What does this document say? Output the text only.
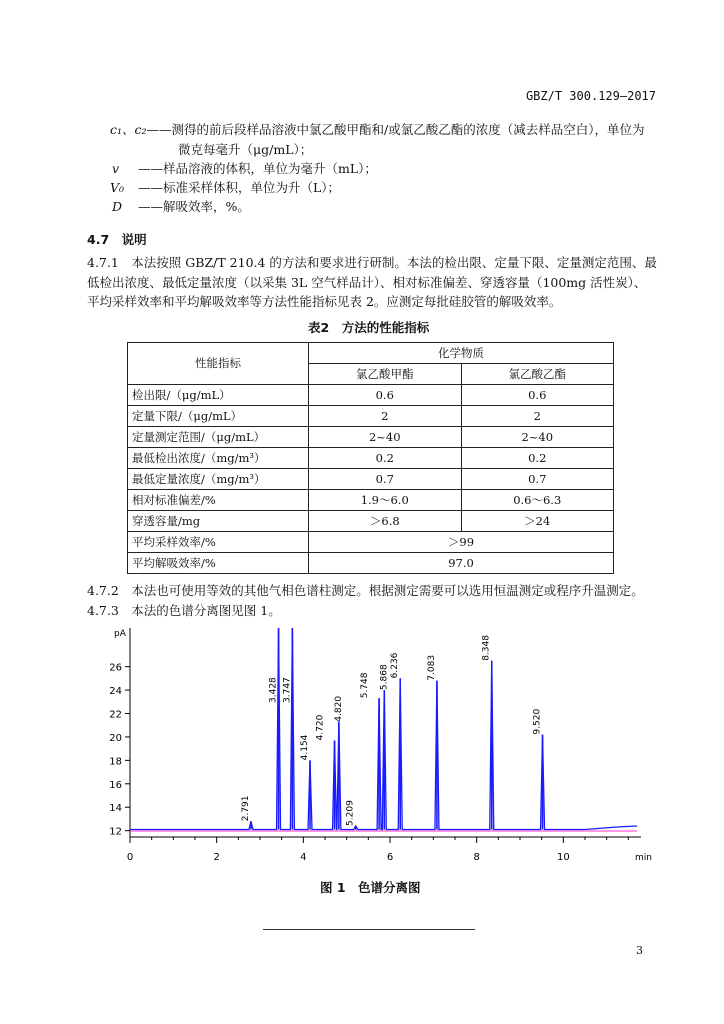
GBZ/T 300.129—2017
c₁、c₂——测得的前后段样品溶液中氯乙酸甲酯和/或氯乙酸乙酯的浓度（减去样品空白），单位为
微克每毫升（μg/mL）；
v ——样品溶液的体积，单位为毫升（mL）；
V₀ ——标准采样体积，单位为升（L）；
D ——解吸效率，%。
4.7　说明
4.7.1　本法按照 GBZ/T 210.4 的方法和要求进行研制。本法的检出限、定量下限、定量测定范围、最
低检出浓度、最低定量浓度（以采集 3L 空气样品计）、相对标准偏差、穿透容量（100mg 活性炭）、
平均采样效率和平均解吸效率等方法性能指标见表 2。应测定每批硅胶管的解吸效率。
表2　方法的性能指标
性能指标	化学物质	
	氯乙酸甲酯	氯乙酸乙酯
检出限/（μg/mL）	0.6	0.6
定量下限/（μg/mL）	2	2
定量测定范围/（μg/mL）	2~40	2~40
最低检出浓度/（mg/m³）	0.2	0.2
最低定量浓度/（mg/m³）	0.7	0.7
相对标准偏差/%	1.9～6.0	0.6～6.3
穿透容量/mg	＞6.8	＞24
平均采样效率/%	＞99	
平均解吸效率/%	97.0	
4.7.2　本法也可使用等效的其他气相色谱柱测定。根据测定需要可以选用恒温测定或程序升温测定。
4.7.3　本法的色谱分离图见图 1。
0	2	4	6	8	10
12
14
16
18
20
22
24
26
pA
min
2.791
3.428 3.747
4.154
4.720
4.820
5.209
5.748 5.868 6.236	7.083
8.348
9.520
图 1　色谱分离图
3
